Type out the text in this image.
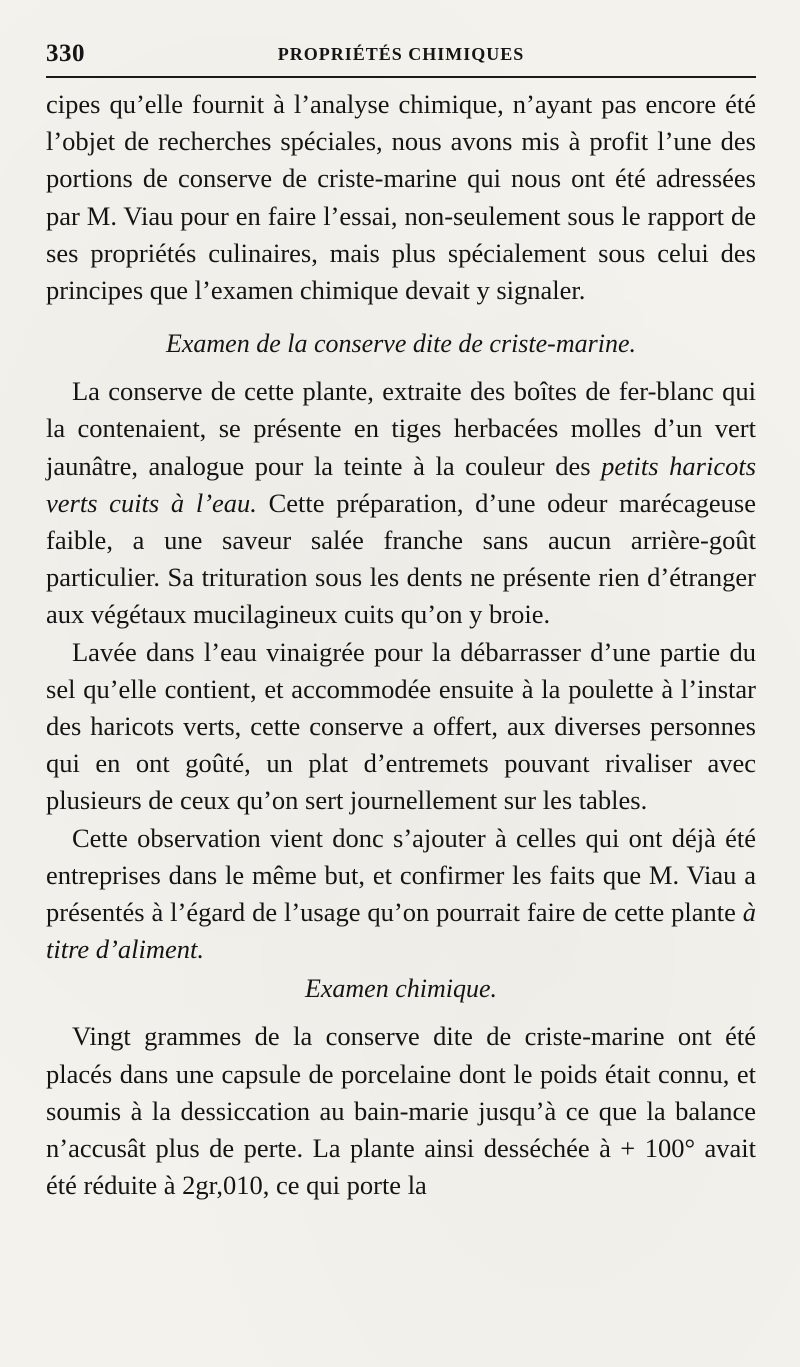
330	PROPRIÉTÉS CHIMIQUES

cipes qu’elle fournit à l’analyse chimique, n’ayant pas encore été l’objet de recherches spéciales, nous avons mis à profit l’une des portions de conserve de criste-marine qui nous ont été adressées par M. Viau pour en faire l’essai, non-seulement sous le rapport de ses propriétés culinaires, mais plus spécialement sous celui des principes que l’examen chimique devait y signaler.

Examen de la conserve dite de criste-marine.

La conserve de cette plante, extraite des boîtes de fer-blanc qui la contenaient, se présente en tiges herbacées molles d’un vert jaunâtre, analogue pour la teinte à la couleur des petits haricots verts cuits à l’eau. Cette préparation, d’une odeur marécageuse faible, a une saveur salée franche sans aucun arrière-goût particulier. Sa trituration sous les dents ne présente rien d’étranger aux végétaux mucilagineux cuits qu’on y broie.

Lavée dans l’eau vinaigrée pour la débarrasser d’une partie du sel qu’elle contient, et accommodée ensuite à la poulette à l’instar des haricots verts, cette conserve a offert, aux diverses personnes qui en ont goûté, un plat d’entremets pouvant rivaliser avec plusieurs de ceux qu’on sert journellement sur les tables.

Cette observation vient donc s’ajouter à celles qui ont déjà été entreprises dans le même but, et confirmer les faits que M. Viau a présentés à l’égard de l’usage qu’on pourrait faire de cette plante à titre d’aliment.

Examen chimique.

Vingt grammes de la conserve dite de criste-marine ont été placés dans une capsule de porcelaine dont le poids était connu, et soumis à la dessiccation au bain-marie jusqu’à ce que la balance n’accusât plus de perte. La plante ainsi desséchée à + 100° avait été réduite à 2gr,010, ce qui porte la
